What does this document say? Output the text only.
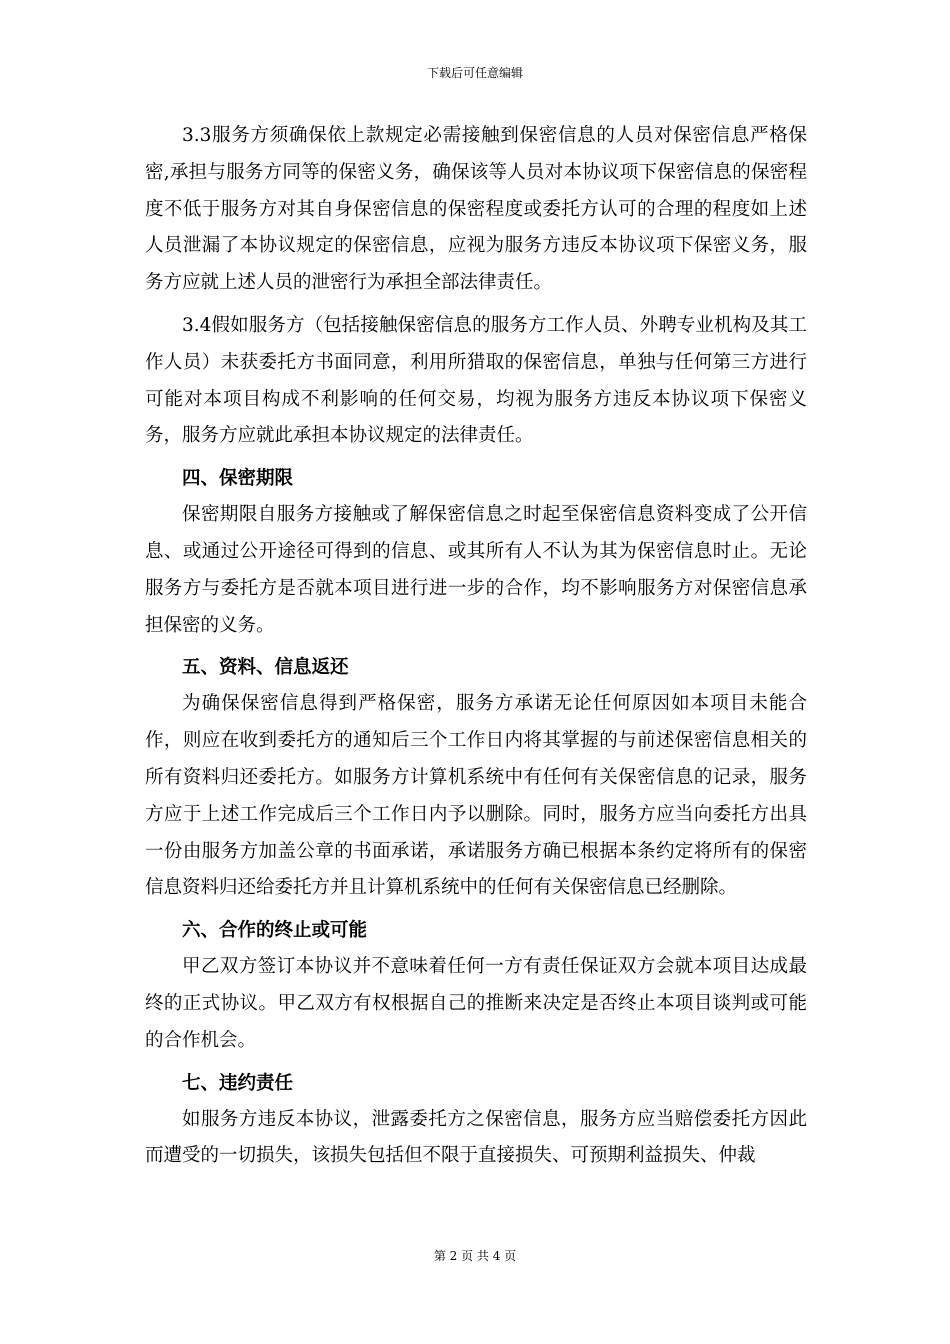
下载后可任意编辑

3.3服务方须确保依上款规定必需接触到保密信息的人员对保密信息严格保密,承担与服务方同等的保密义务，确保该等人员对本协议项下保密信息的保密程度不低于服务方对其自身保密信息的保密程度或委托方认可的合理的程度如上述人员泄漏了本协议规定的保密信息，应视为服务方违反本协议项下保密义务，服务方应就上述人员的泄密行为承担全部法律责任。

3.4假如服务方（包括接触保密信息的服务方工作人员、外聘专业机构及其工作人员）未获委托方书面同意，利用所猎取的保密信息，单独与任何第三方进行可能对本项目构成不利影响的任何交易，均视为服务方违反本协议项下保密义务，服务方应就此承担本协议规定的法律责任。

四、保密期限

保密期限自服务方接触或了解保密信息之时起至保密信息资料变成了公开信息、或通过公开途径可得到的信息、或其所有人不认为其为保密信息时止。无论服务方与委托方是否就本项目进行进一步的合作，均不影响服务方对保密信息承担保密的义务。

五、资料、信息返还

为确保保密信息得到严格保密，服务方承诺无论任何原因如本项目未能合作，则应在收到委托方的通知后三个工作日内将其掌握的与前述保密信息相关的所有资料归还委托方。如服务方计算机系统中有任何有关保密信息的记录，服务方应于上述工作完成后三个工作日内予以删除。同时，服务方应当向委托方出具一份由服务方加盖公章的书面承诺，承诺服务方确已根据本条约定将所有的保密信息资料归还给委托方并且计算机系统中的任何有关保密信息已经删除。

六、合作的终止或可能

甲乙双方签订本协议并不意味着任何一方有责任保证双方会就本项目达成最终的正式协议。甲乙双方有权根据自己的推断来决定是否终止本项目谈判或可能的合作机会。

七、违约责任

如服务方违反本协议，泄露委托方之保密信息，服务方应当赔偿委托方因此而遭受的一切损失，该损失包括但不限于直接损失、可预期利益损失、仲裁

第 2 页 共 4 页
